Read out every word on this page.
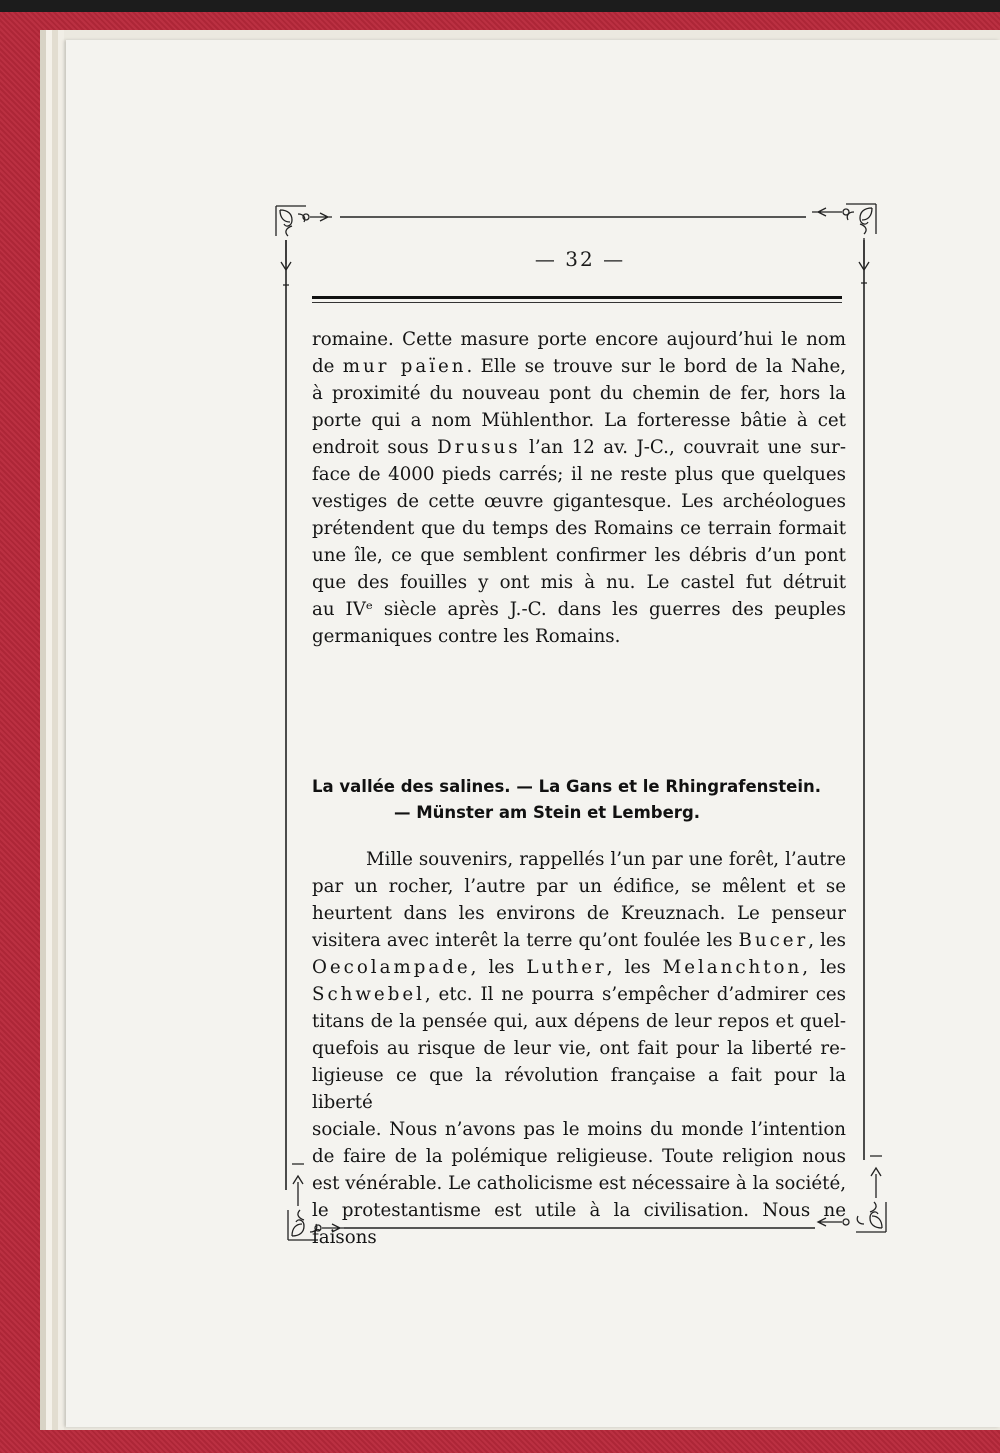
— 32 —
romaine. Cette masure porte encore aujourd’hui le nom
de mur païen. Elle se trouve sur le bord de la Nahe,
à proximité du nouveau pont du chemin de fer, hors la
porte qui a nom Mühlenthor. La forteresse bâtie à cet
endroit sous Drusus l’an 12 av. J-C., couvrait une sur-
face de 4000 pieds carrés; il ne reste plus que quelques
vestiges de cette œuvre gigantesque. Les archéologues
prétendent que du temps des Romains ce terrain formait
une île, ce que semblent confirmer les débris d’un pont
que des fouilles y ont mis à nu. Le castel fut détruit
au IVᵉ siècle après J.-C. dans les guerres des peuples
germaniques contre les Romains.
La vallée des salines. — La Gans et le Rhingrafenstein.
— Münster am Stein et Lemberg.
Mille souvenirs, rappellés l’un par une forêt, l’autre
par un rocher, l’autre par un édifice, se mêlent et se
heurtent dans les environs de Kreuznach. Le penseur
visitera avec interêt la terre qu’ont foulée les Bucer, les
Oecolampade, les Luther, les Melanchton, les
Schwebel, etc. Il ne pourra s’empêcher d’admirer ces
titans de la pensée qui, aux dépens de leur repos et quel-
quefois au risque de leur vie, ont fait pour la liberté re-
ligieuse ce que la révolution française a fait pour la liberté
sociale. Nous n’avons pas le moins du monde l’intention
de faire de la polémique religieuse. Toute religion nous
est vénérable. Le catholicisme est nécessaire à la société,
le protestantisme est utile à la civilisation. Nous ne faisons
